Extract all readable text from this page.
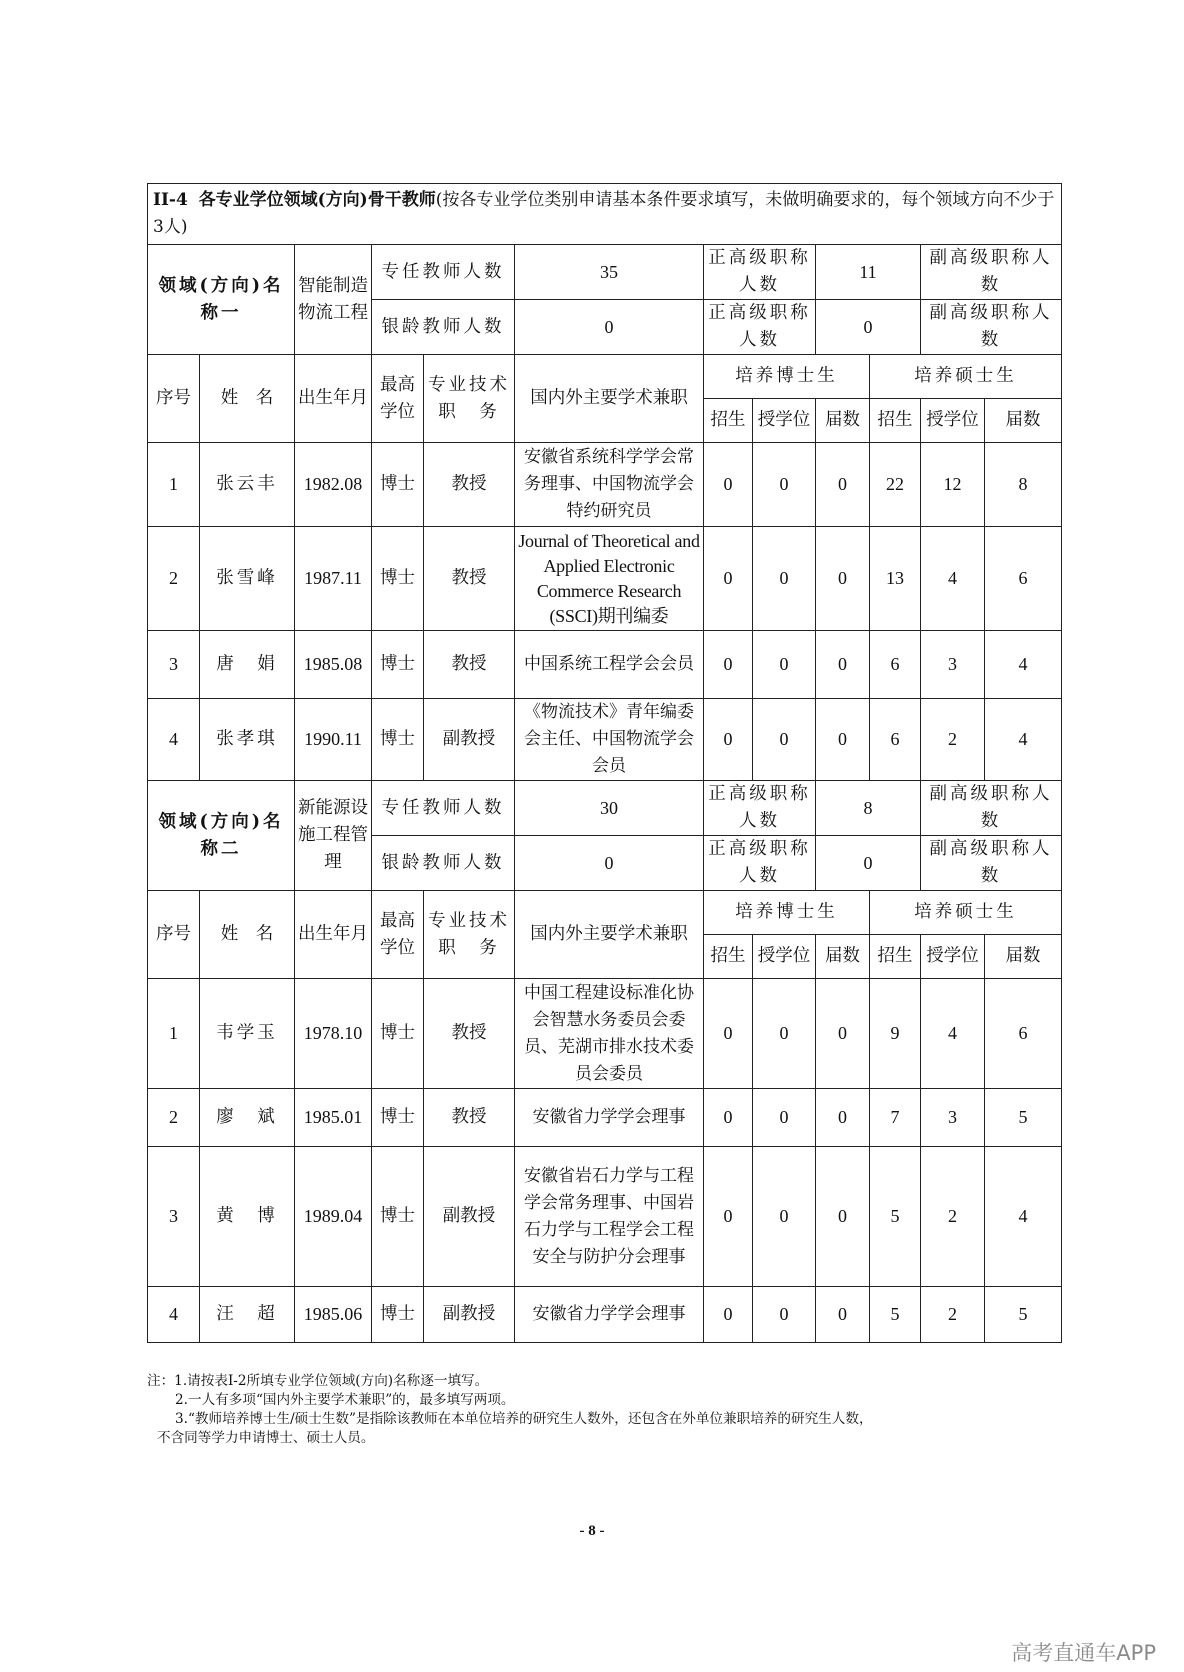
II-4 各专业学位领域(方向)骨干教师(按各专业学位类别申请基本条件要求填写，未做明确要求的，每个领域方向不少于3人)												
领域(方向)名称一		智能制造物流工程	专任教师人数		35	正高级职称人数		11		副高级职称人数	
			银龄教师人数		0	正高级职称人数		0		副高级职称人数	
序号	姓　名	出生年月	最高学位	专业技术职　务	国内外主要学术兼职	培养博士生			培养硕士生			
						招生	授学位	届数	招生	授学位	届数	
1	张云丰	1982.08	博士	教授	安徽省系统科学学会常务理事、中国物流学会特约研究员	0	0	0	22	12	8	
2	张雪峰	1987.11	博士	教授	Journal of Theoretical and Applied Electronic Commerce Research (SSCI)期刊编委	0	0	0	13	4	6	
3	唐　娟	1985.08	博士	教授	中国系统工程学会会员	0	0	0	6	3	4	
4	张孝琪	1990.11	博士	副教授	《物流技术》青年编委会主任、中国物流学会会员	0	0	0	6	2	4	
领域(方向)名称二		新能源设施工程管理	专任教师人数		30	正高级职称人数		8		副高级职称人数	
			银龄教师人数		0	正高级职称人数		0		副高级职称人数	
序号	姓　名	出生年月	最高学位	专业技术职　务	国内外主要学术兼职	培养博士生			培养硕士生			
						招生	授学位	届数	招生	授学位	届数	
1	韦学玉	1978.10	博士	教授	中国工程建设标准化协会智慧水务委员会委员、芜湖市排水技术委员会委员	0	0	0	9	4	6	
2	廖　斌	1985.01	博士	教授	安徽省力学学会理事	0	0	0	7	3	5	
3	黄　博	1989.04	博士	副教授	安徽省岩石力学与工程学会常务理事、中国岩石力学与工程学会工程安全与防护分会理事	0	0	0	5	2	4	
4	汪　超	1985.06	博士	副教授	安徽省力学学会理事	0	0	0	5	2	5	
注：1.请按表I-2所填专业学位领域(方向)名称逐一填写。
2.一人有多项“国内外主要学术兼职”的，最多填写两项。
3.“教师培养博士生/硕士生数”是指除该教师在本单位培养的研究生人数外，还包含在外单位兼职培养的研究生人数，
不含同等学力申请博士、硕士人员。
- 8 -
高考直通车APP
